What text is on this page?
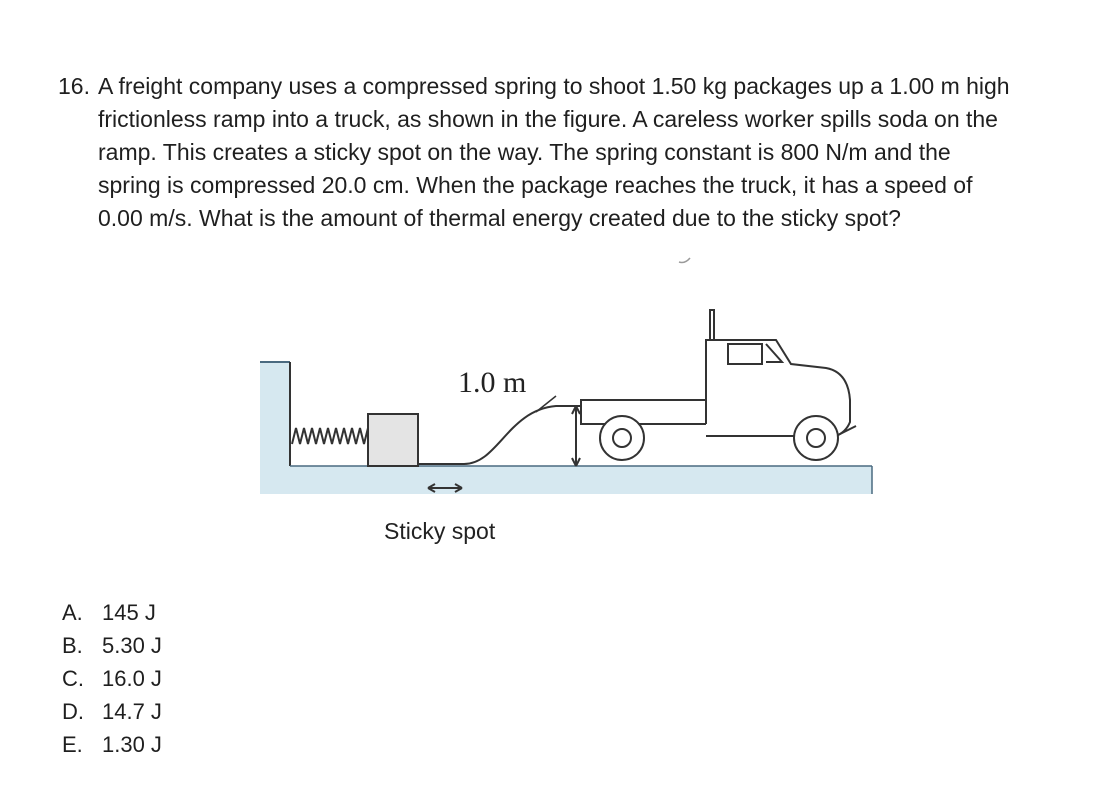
16. A freight company uses a compressed spring to shoot 1.50 kg packages up a 1.00 m high
frictionless ramp into a truck, as shown in the figure. A careless worker spills soda on the
ramp. This creates a sticky spot on the way. The spring constant is 800 N/m and the
spring is compressed 20.0 cm. When the package reaches the truck, it has a speed of
0.00 m/s. What is the amount of thermal energy created due to the sticky spot?
1.0 m
Sticky spot
A. 145 J
B. 5.30 J
C. 16.0 J
D. 14.7 J
E. 1.30 J
